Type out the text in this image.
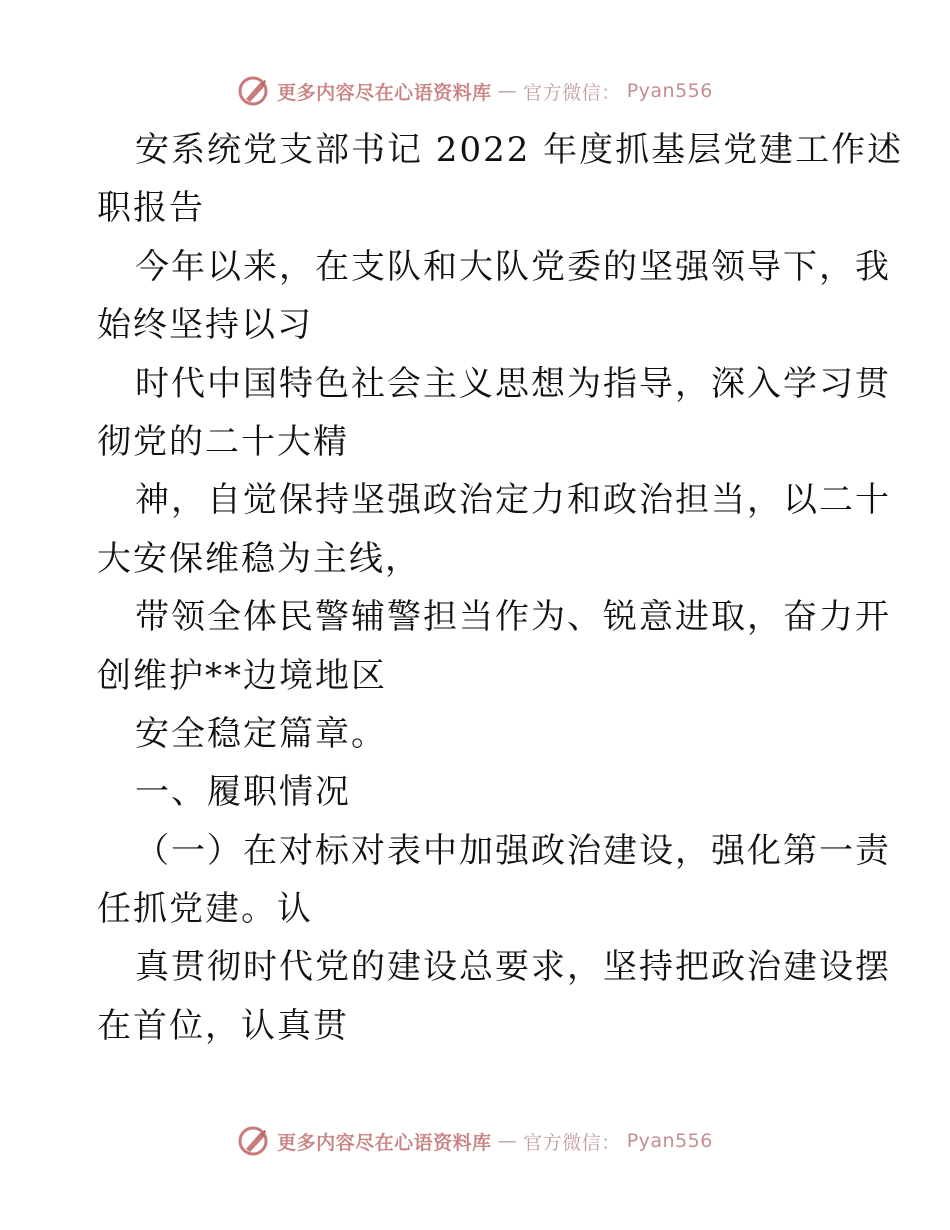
更多内容尽在心语资料库 — 官方微信： Pyan556
安系统党支部书记 2022 年度抓基层党建工作述
职报告
今年以来，在支队和大队党委的坚强领导下，我
始终坚持以习
时代中国特色社会主义思想为指导，深入学习贯
彻党的二十大精
神，自觉保持坚强政治定力和政治担当，以二十
大安保维稳为主线，
带领全体民警辅警担当作为、锐意进取，奋力开
创维护**边境地区
安全稳定篇章。
一、履职情况
（一）在对标对表中加强政治建设，强化第一责
任抓党建。认
真贯彻时代党的建设总要求，坚持把政治建设摆
在首位，认真贯
更多内容尽在心语资料库 — 官方微信： Pyan556
